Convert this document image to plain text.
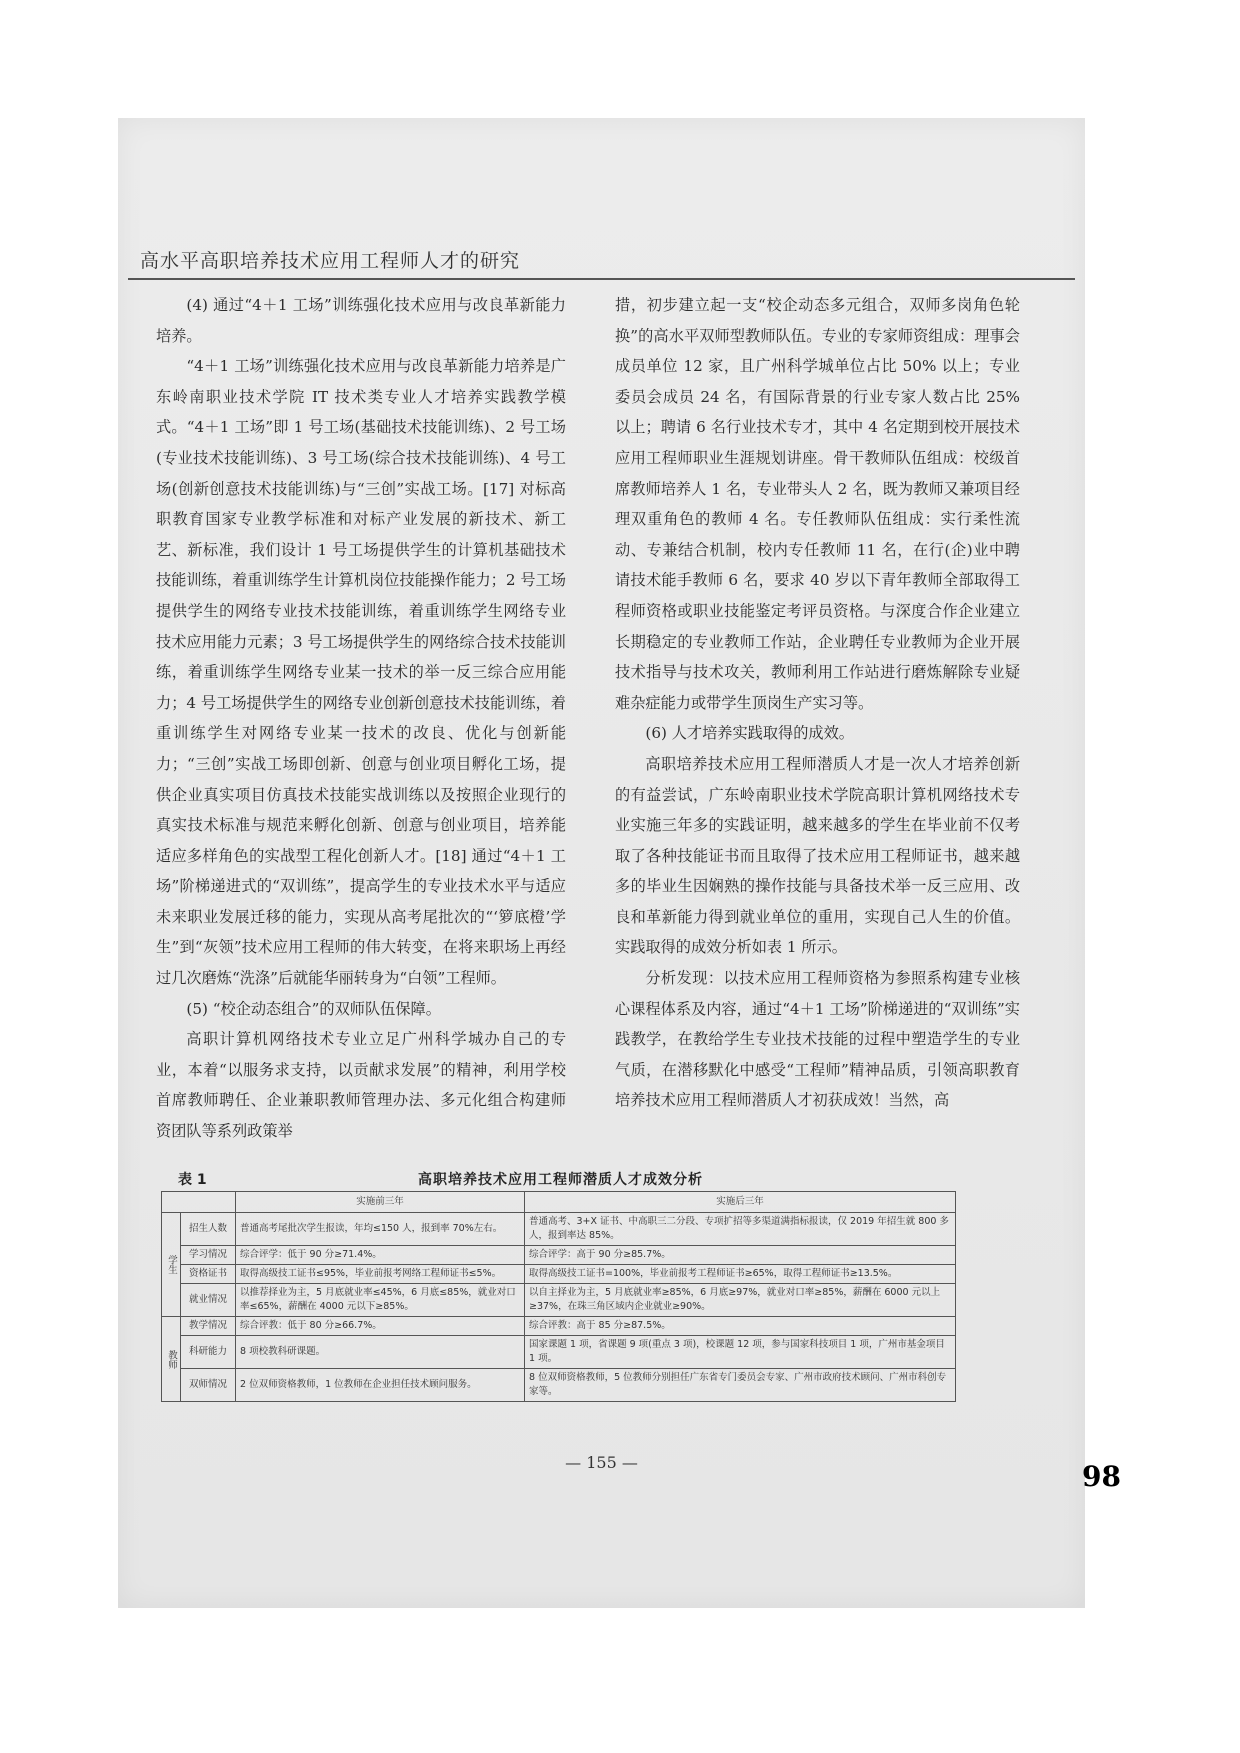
高水平高职培养技术应用工程师人才的研究

(4) 通过“4＋1 工场”训练强化技术应用与改良革新能力培养。

“4＋1 工场”训练强化技术应用与改良革新能力培养是广东岭南职业技术学院 IT 技术类专业人才培养实践教学模式。“4＋1 工场”即 1 号工场(基础技术技能训练)、2 号工场(专业技术技能训练)、3 号工场(综合技术技能训练)、4 号工场(创新创意技术技能训练)与“三创”实战工场。[17] 对标高职教育国家专业教学标准和对标产业发展的新技术、新工艺、新标准，我们设计 1 号工场提供学生的计算机基础技术技能训练，着重训练学生计算机岗位技能操作能力；2 号工场提供学生的网络专业技术技能训练，着重训练学生网络专业技术应用能力元素；3 号工场提供学生的网络综合技术技能训练，着重训练学生网络专业某一技术的举一反三综合应用能力；4 号工场提供学生的网络专业创新创意技术技能训练，着重训练学生对网络专业某一技术的改良、优化与创新能力；“三创”实战工场即创新、创意与创业项目孵化工场，提供企业真实项目仿真技术技能实战训练以及按照企业现行的真实技术标准与规范来孵化创新、创意与创业项目，培养能适应多样角色的实战型工程化创新人才。[18] 通过“4＋1 工场”阶梯递进式的“双训练”，提高学生的专业技术水平与适应未来职业发展迁移的能力，实现从高考尾批次的“‘箩底橙’学生”到“灰领”技术应用工程师的伟大转变，在将来职场上再经过几次磨炼“洗涤”后就能华丽转身为“白领”工程师。

(5) “校企动态组合”的双师队伍保障。

高职计算机网络技术专业立足广州科学城办自己的专业，本着“以服务求支持，以贡献求发展”的精神，利用学校首席教师聘任、企业兼职教师管理办法、多元化组合构建师资团队等系列政策举

措，初步建立起一支“校企动态多元组合，双师多岗角色轮换”的高水平双师型教师队伍。专业的专家师资组成：理事会成员单位 12 家，且广州科学城单位占比 50% 以上；专业委员会成员 24 名，有国际背景的行业专家人数占比 25% 以上；聘请 6 名行业技术专才，其中 4 名定期到校开展技术应用工程师职业生涯规划讲座。骨干教师队伍组成：校级首席教师培养人 1 名，专业带头人 2 名，既为教师又兼项目经理双重角色的教师 4 名。专任教师队伍组成：实行柔性流动、专兼结合机制，校内专任教师 11 名，在行(企)业中聘请技术能手教师 6 名，要求 40 岁以下青年教师全部取得工程师资格或职业技能鉴定考评员资格。与深度合作企业建立长期稳定的专业教师工作站，企业聘任专业教师为企业开展技术指导与技术攻关，教师利用工作站进行磨炼解除专业疑难杂症能力或带学生顶岗生产实习等。

(6) 人才培养实践取得的成效。

高职培养技术应用工程师潜质人才是一次人才培养创新的有益尝试，广东岭南职业技术学院高职计算机网络技术专业实施三年多的实践证明，越来越多的学生在毕业前不仅考取了各种技能证书而且取得了技术应用工程师证书，越来越多的毕业生因娴熟的操作技能与具备技术举一反三应用、改良和革新能力得到就业单位的重用，实现自己人生的价值。实践取得的成效分析如表 1 所示。

分析发现：以技术应用工程师资格为参照系构建专业核心课程体系及内容，通过“4＋1 工场”阶梯递进的“双训练”实践教学，在教给学生专业技术技能的过程中塑造学生的专业气质，在潜移默化中感受“工程师”精神品质，引领高职教育培养技术应用工程师潜质人才初获成效！当然，高

表 1	高职培养技术应用工程师潜质人才成效分析
		实施前三年	实施后三年
学生	招生人数	普通高考尾批次学生报读，年均≤150 人，报到率 70%左右。	普通高考、3+X 证书、中高职三二分段、专项扩招等多渠道满指标报读，仅 2019 年招生就 800 多人，报到率达 85%。
	学习情况	综合评学：低于 90 分≥71.4%。	综合评学：高于 90 分≥85.7%。
	资格证书	取得高级技工证书≤95%，毕业前报考网络工程师证书≤5%。	取得高级技工证书=100%，毕业前报考工程师证书≥65%，取得工程师证书≥13.5%。
	就业情况	以推荐择业为主，5 月底就业率≤45%，6 月底≤85%，就业对口率≤65%，薪酬在 4000 元以下≥85%。	以自主择业为主，5 月底就业率≥85%，6 月底≥97%，就业对口率≥85%，薪酬在 6000 元以上≥37%，在珠三角区域内企业就业≥90%。
教师	教学情况	综合评教：低于 80 分≥66.7%。	综合评教：高于 85 分≥87.5%。
	科研能力	8 项校教科研课题。	国家课题 1 项，省课题 9 项(重点 3 项)，校课题 12 项，参与国家科技项目 1 项，广州市基金项目 1 项。
	双师情况	2 位双师资格教师，1 位教师在企业担任技术顾问服务。	8 位双师资格教师，5 位教师分别担任广东省专门委员会专家、广州市政府技术顾问、广州市科创专家等。
— 155 —	98
